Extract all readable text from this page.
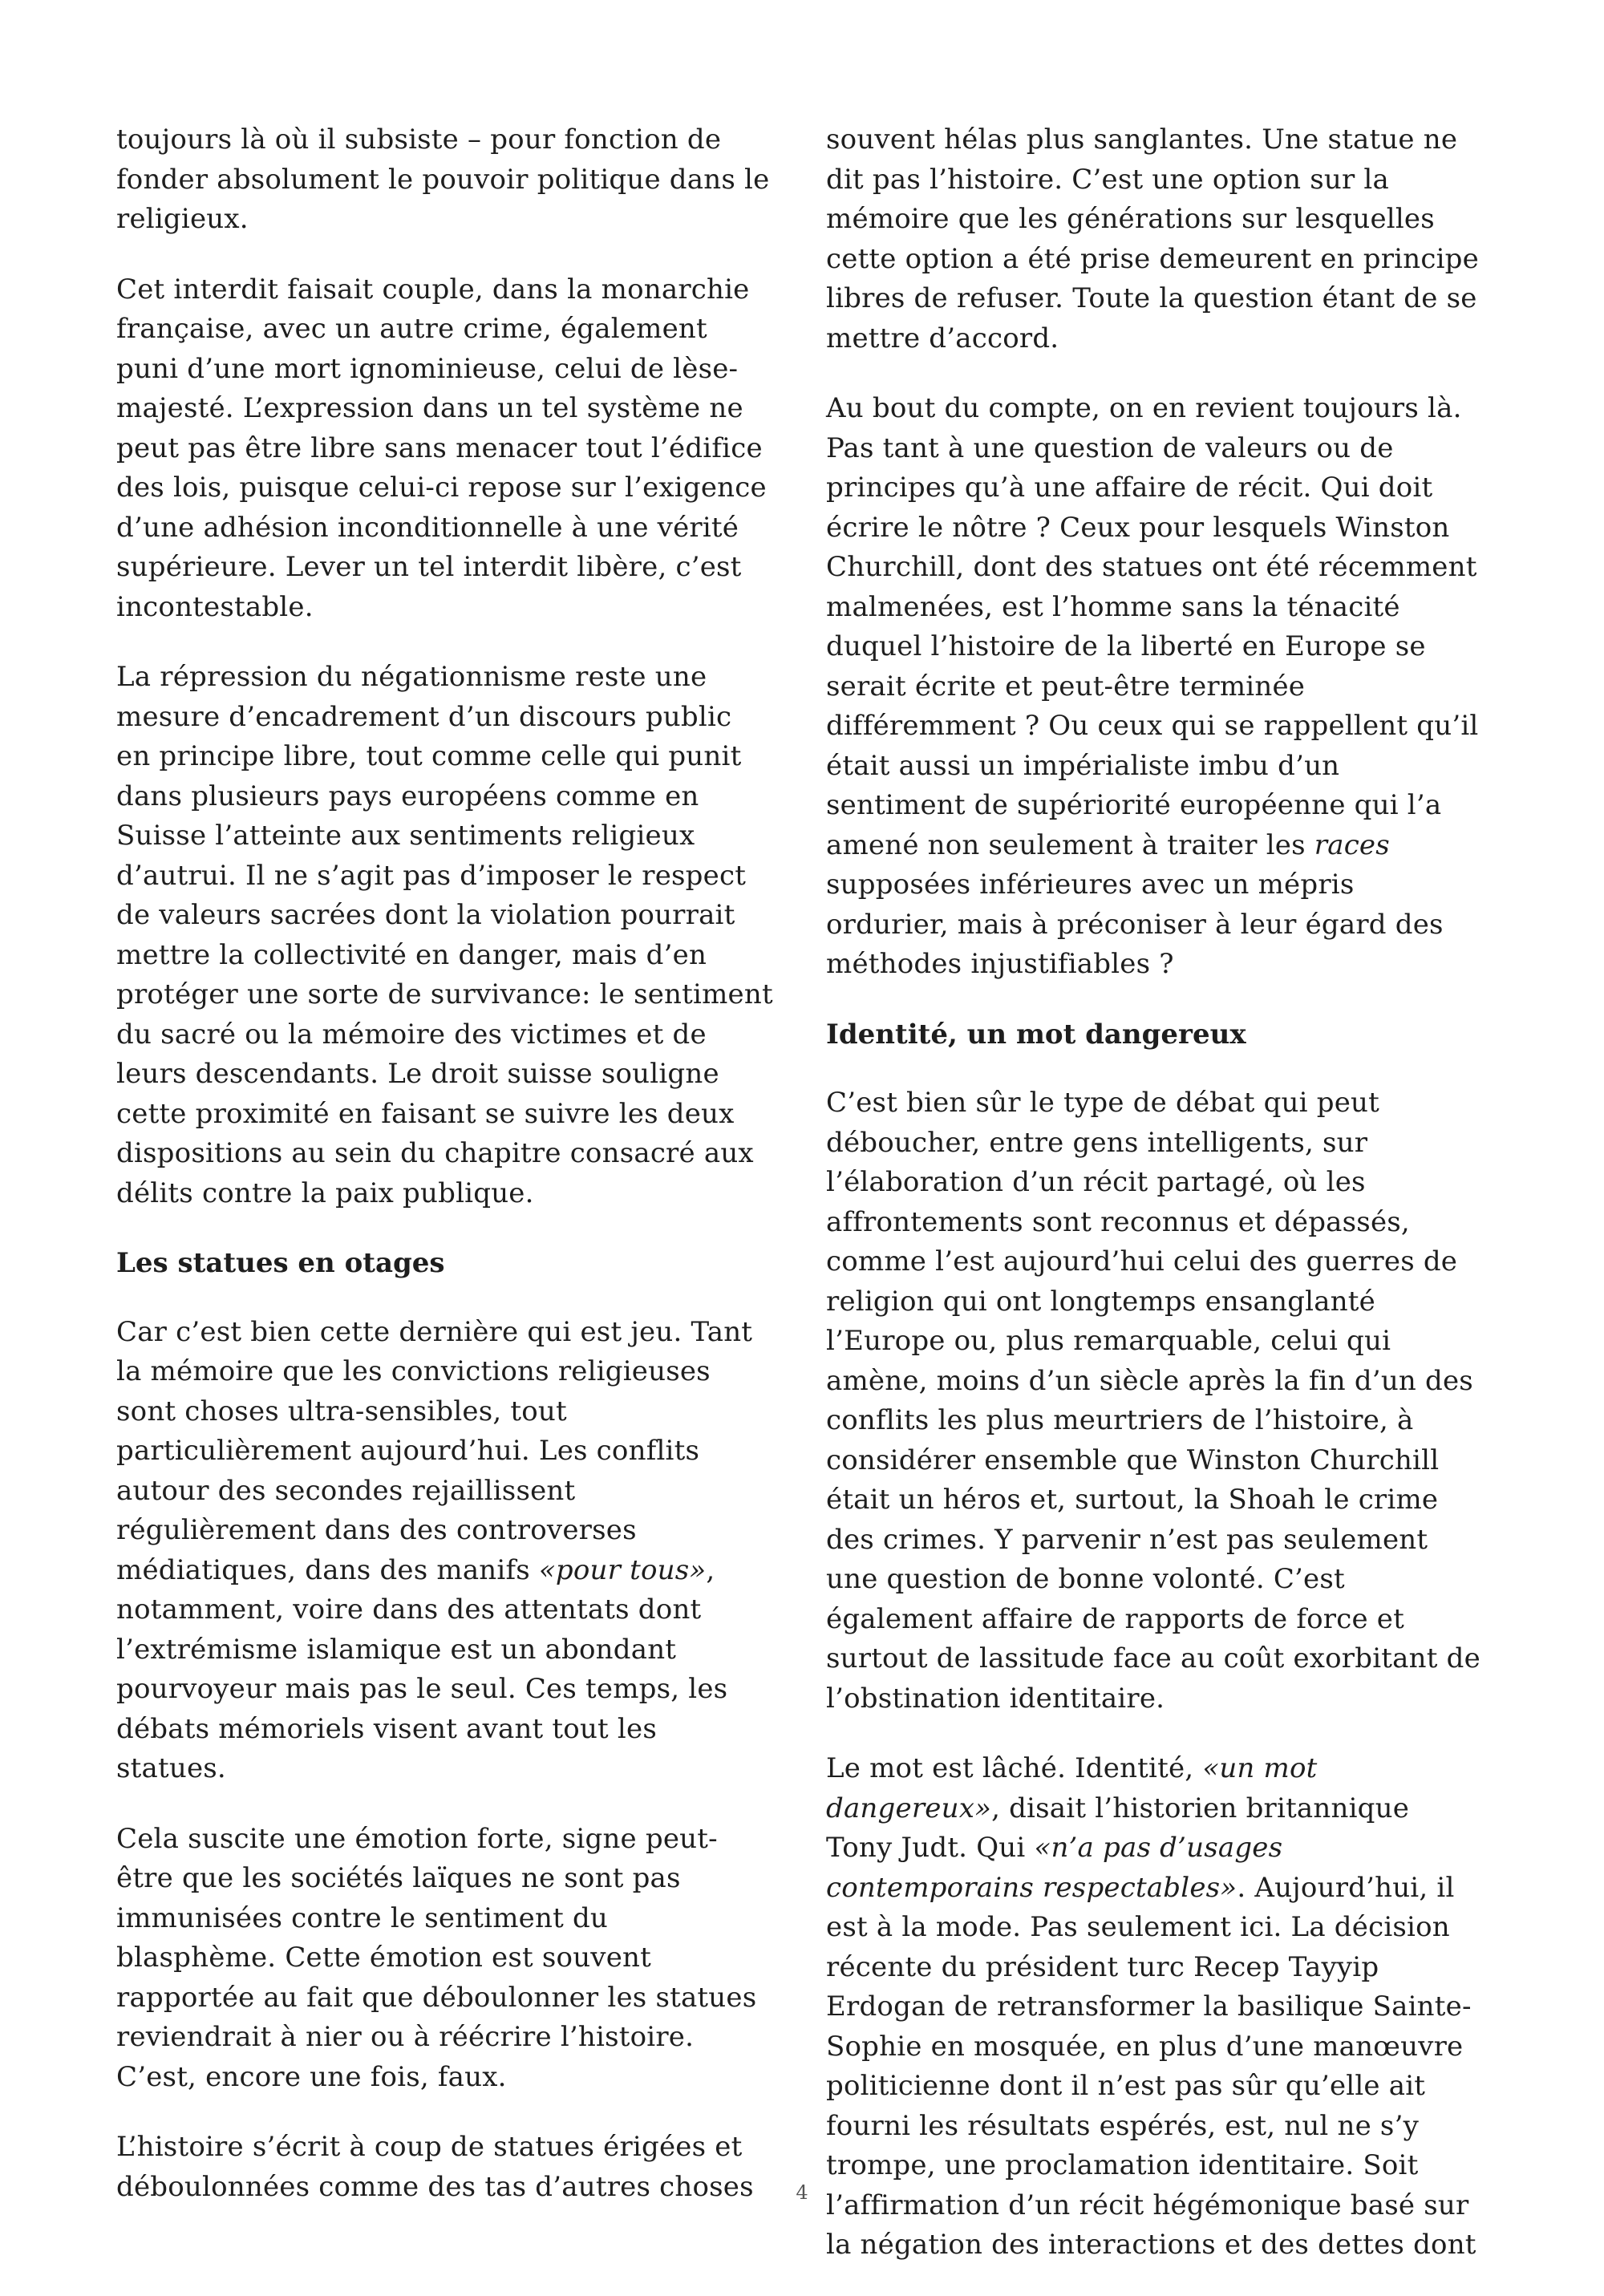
toujours là où il subsiste – pour fonction de fonder absolument le pouvoir politique dans le religieux.

Cet interdit faisait couple, dans la monarchie française, avec un autre crime, également puni d’une mort ignominieuse, celui de lèse-majesté. L’expression dans un tel système ne peut pas être libre sans menacer tout l’édifice des lois, puisque celui-ci repose sur l’exigence d’une adhésion inconditionnelle à une vérité supérieure. Lever un tel interdit libère, c’est incontestable.

La répression du négationnisme reste une mesure d’encadrement d’un discours public en principe libre, tout comme celle qui punit dans plusieurs pays européens comme en Suisse l’atteinte aux sentiments religieux d’autrui. Il ne s’agit pas d’imposer le respect de valeurs sacrées dont la violation pourrait mettre la collectivité en danger, mais d’en protéger une sorte de survivance: le sentiment du sacré ou la mémoire des victimes et de leurs descendants. Le droit suisse souligne cette proximité en faisant se suivre les deux dispositions au sein du chapitre consacré aux délits contre la paix publique.

Les statues en otages

Car c’est bien cette dernière qui est jeu. Tant la mémoire que les convictions religieuses sont choses ultra-sensibles, tout particulièrement aujourd’hui. Les conflits autour des secondes rejaillissent régulièrement dans des controverses médiatiques, dans des manifs «pour tous», notamment, voire dans des attentats dont l’extrémisme islamique est un abondant pourvoyeur mais pas le seul. Ces temps, les débats mémoriels visent avant tout les statues.

Cela suscite une émotion forte, signe peut-être que les sociétés laïques ne sont pas immunisées contre le sentiment du blasphème. Cette émotion est souvent rapportée au fait que déboulonner les statues reviendrait à nier ou à réécrire l’histoire. C’est, encore une fois, faux.

L’histoire s’écrit à coup de statues érigées et déboulonnées comme des tas d’autres choses

souvent hélas plus sanglantes. Une statue ne dit pas l’histoire. C’est une option sur la mémoire que les générations sur lesquelles cette option a été prise demeurent en principe libres de refuser. Toute la question étant de se mettre d’accord.

Au bout du compte, on en revient toujours là. Pas tant à une question de valeurs ou de principes qu’à une affaire de récit. Qui doit écrire le nôtre ? Ceux pour lesquels Winston Churchill, dont des statues ont été récemment malmenées, est l’homme sans la ténacité duquel l’histoire de la liberté en Europe se serait écrite et peut-être terminée différemment ? Ou ceux qui se rappellent qu’il était aussi un impérialiste imbu d’un sentiment de supériorité européenne qui l’a amené non seulement à traiter les races supposées inférieures avec un mépris ordurier, mais à préconiser à leur égard des méthodes injustifiables ?

Identité, un mot dangereux

C’est bien sûr le type de débat qui peut déboucher, entre gens intelligents, sur l’élaboration d’un récit partagé, où les affrontements sont reconnus et dépassés, comme l’est aujourd’hui celui des guerres de religion qui ont longtemps ensanglanté l’Europe ou, plus remarquable, celui qui amène, moins d’un siècle après la fin d’un des conflits les plus meurtriers de l’histoire, à considérer ensemble que Winston Churchill était un héros et, surtout, la Shoah le crime des crimes. Y parvenir n’est pas seulement une question de bonne volonté. C’est également affaire de rapports de force et surtout de lassitude face au coût exorbitant de l’obstination identitaire.

Le mot est lâché. Identité, «un mot dangereux», disait l’historien britannique Tony Judt. Qui «n’a pas d’usages contemporains respectables». Aujourd’hui, il est à la mode. Pas seulement ici. La décision récente du président turc Recep Tayyip Erdogan de retransformer la basilique Sainte-Sophie en mosquée, en plus d’une manœuvre politicienne dont il n’est pas sûr qu’elle ait fourni les résultats espérés, est, nul ne s’y trompe, une proclamation identitaire. Soit l’affirmation d’un récit hégémonique basé sur la négation des interactions et des dettes dont

4
